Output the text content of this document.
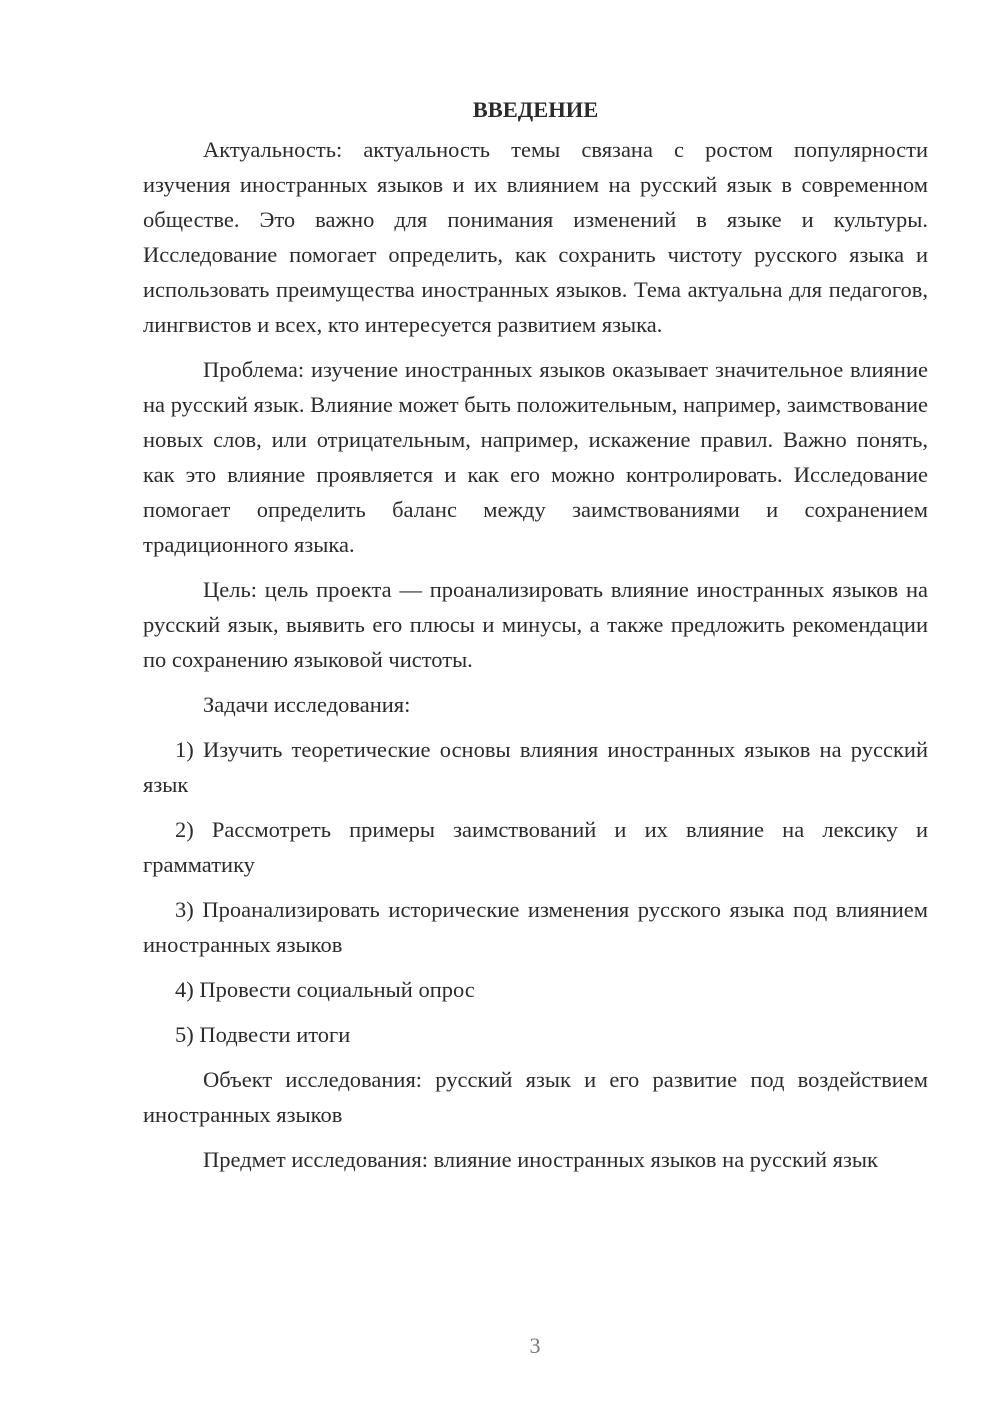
ВВЕДЕНИЕ

Актуальность: актуальность темы связана с ростом популярности изучения иностранных языков и их влиянием на русский язык в современном обществе. Это важно для понимания изменений в языке и культуры. Исследование помогает определить, как сохранить чистоту русского языка и использовать преимущества иностранных языков. Тема актуальна для педагогов, лингвистов и всех, кто интересуется развитием языка.

Проблема: изучение иностранных языков оказывает значительное влияние на русский язык. Влияние может быть положительным, например, заимствование новых слов, или отрицательным, например, искажение правил. Важно понять, как это влияние проявляется и как его можно контролировать. Исследование помогает определить баланс между заимствованиями и сохранением традиционного языка.

Цель: цель проекта — проанализировать влияние иностранных языков на русский язык, выявить его плюсы и минусы, а также предложить рекомендации по сохранению языковой чистоты.

Задачи исследования:

1) Изучить теоретические основы влияния иностранных языков на русский язык

2) Рассмотреть примеры заимствований и их влияние на лексику и грамматику

3) Проанализировать исторические изменения русского языка под влиянием иностранных языков

4) Провести социальный опрос

5) Подвести итоги

Объект исследования: русский язык и его развитие под воздействием иностранных языков

Предмет исследования: влияние иностранных языков на русский язык

3
